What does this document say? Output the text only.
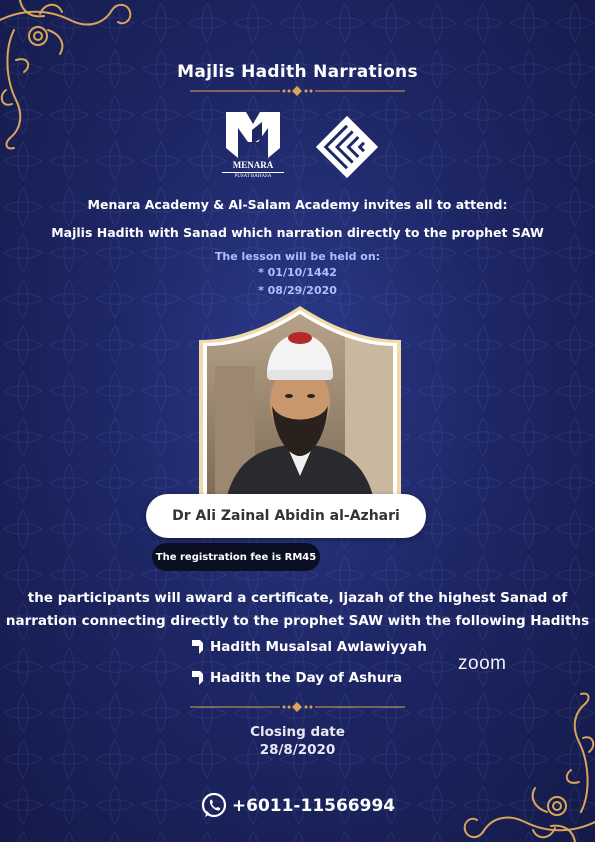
Majlis Hadith Narrations
MENARA
PUSAT BAHASA
Menara Academy & Al-Salam Academy invites all to attend:
Majlis Hadith with Sanad which narration directly to the prophet SAW
The lesson will be held on:
* 01/10/1442
* 08/29/2020
Dr Ali Zainal Abidin al-Azhari
The registration fee is RM45
the participants will award a certificate, Ijazah of the highest Sanad of
narration connecting directly to the prophet SAW with the following Hadiths
Hadith Musalsal Awlawiyyah
Hadith the Day of Ashura
zoom
Closing date
28/8/2020
+6011-11566994
